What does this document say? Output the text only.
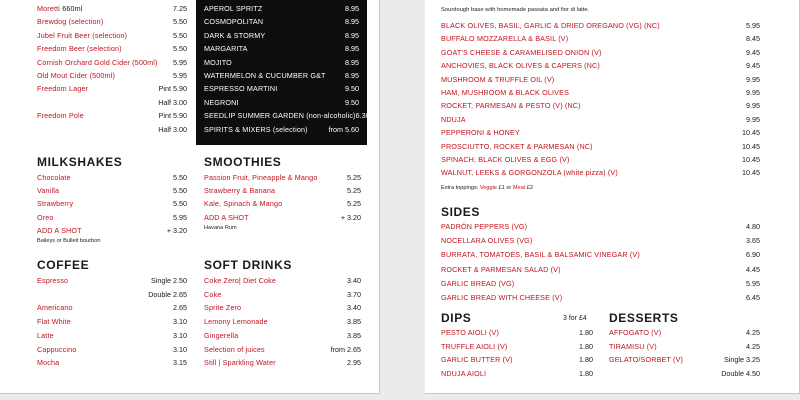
Moretti 660ml	7.25
Brewdog (selection)	5.50
Jubel Fruit Beer (selection)	5.50
Freedom Beer (selection)	5.50
Cornish Orchard Gold Cider (500ml) 5.95
Old Mout Cider (500ml)	5.95
Freedom Lager	Pint 5.90
Half 3.00
Freedom Pole	Pint 5.90
Half 3.00
APEROL SPRITZ	8.95
COSMOPOLITAN	8.95
DARK & STORMY	8.95
MARGARITA	8.95
MOJITO	8.95
WATERMELON & CUCUMBER G&T	8.95
ESPRESSO MARTINI	9.50
NEGRONI	9.50
SEEDLIP SUMMER GARDEN (non-alcoholic) 6.30
SPIRITS & MIXERS (selection)	from 5.60
MILKSHAKES
Chocolate	5.50
Vanilla	5.50
Strawberry	5.50
Oreo	5.95
ADD A SHOT	+ 3.20
Baileys or Bulleit bourbon
SMOOTHIES
Passion Fruit, Pineapple & Mango	5.25
Strawberry & Banana	5.25
Kale, Spinach & Mango	5.25
ADD A SHOT	+ 3.20
Havana Rum
COFFEE
Espresso	Single 2.50
Double 2.65
Americano	2.65
Flat White	3.10
Latte	3.10
Cappuccino	3.10
Mocha	3.15
SOFT DRINKS
Coke Zero| Diet Coke	3.40
Coke	3.70
Sprite Zero	3.40
Lemony Lemonade	3.85
Gingerella	3.85
Selection of juices	from 2.65
Still | Sparkling Water	2.95
Sourdough base with homemade passata and fior di latte.
BLACK OLIVES, BASIL, GARLIC & DRIED OREGANO (VG) (NC)	5.95
BUFFALO MOZZARELLA & BASIL (V)	8.45
GOAT'S CHEESE & CARAMELISED ONION (V)	9.45
ANCHOVIES, BLACK OLIVES & CAPERS (NC)	9.45
MUSHROOM & TRUFFLE OIL (V)	9.95
HAM, MUSHROOM & BLACK OLIVES	9.95
ROCKET, PARMESAN & PESTO (V) (NC)	9.95
NDUJA	9.95
PEPPERONI & HONEY	10.45
PROSCIUTTO, ROCKET & PARMESAN (NC)	10.45
SPINACH, BLACK OLIVES & EGG (V)	10.45
WALNUT, LEEKS & GORGONZOLA (white pizza) (V)	10.45
Extra toppings: Veggie £1 or Meat £2
SIDES
PADRÓN PEPPERS (VG)	4.80
NOCELLARA OLIVES (VG)	3.65
BURRATA, TOMATOES, BASIL & BALSAMIC VINEGAR (V)	6.90
ROCKET & PARMESAN SALAD (V)	4.45
GARLIC BREAD (VG)	5.95
GARLIC BREAD WITH CHEESE (V)	6.45
DIPS	3 for £4
PESTO AIOLI (V)	1.80
TRUFFLE AIOLI (V)	1.80
GARLIC BUTTER (V)	1.80
NDUJA AIOLI	1.80
DESSERTS
AFFOGATO (V)	4.25
TIRAMISU (V)	4.25
GELATO/SORBET (V)	Single 3.25
Double 4.50
